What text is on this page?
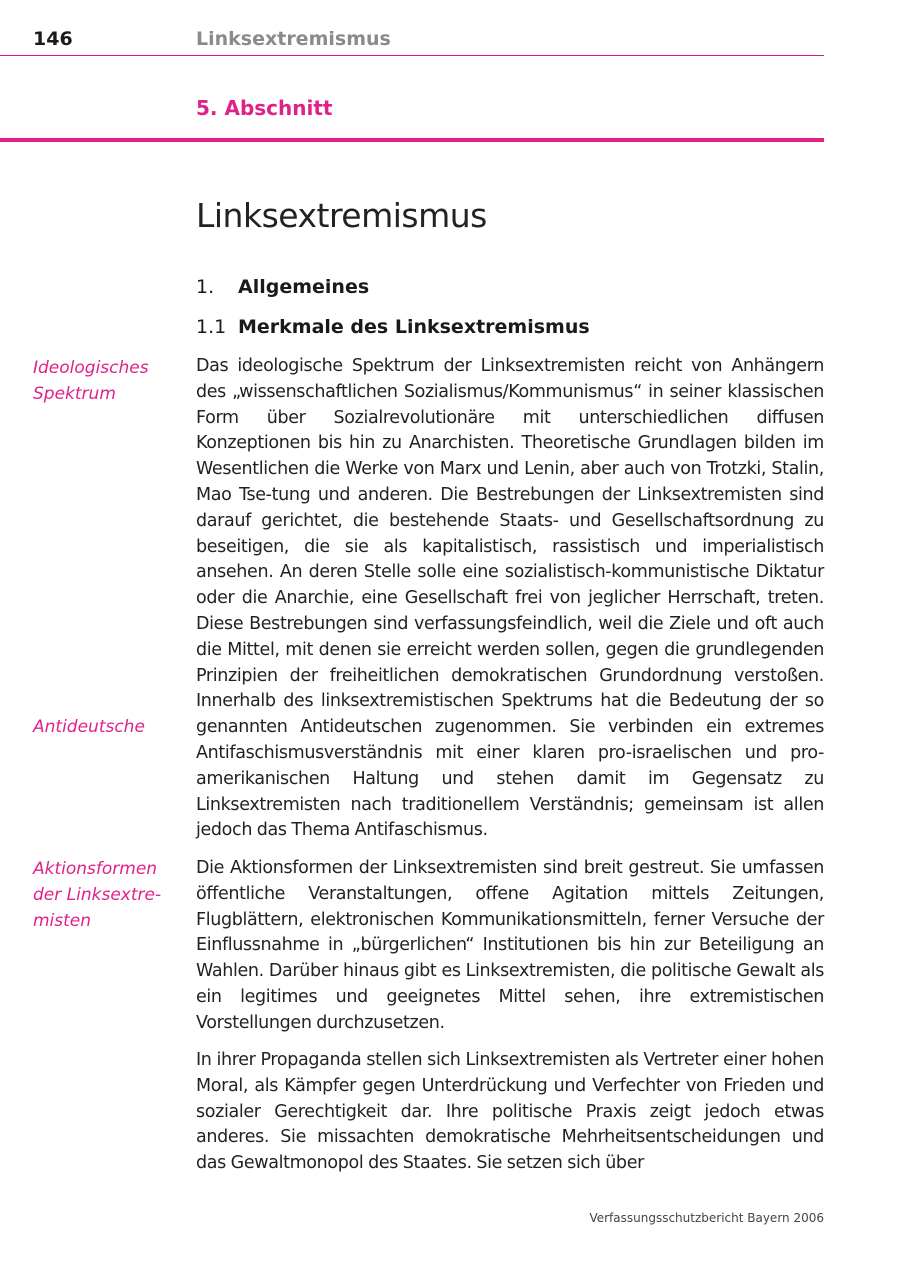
146	Linksextremismus
5. Abschnitt
Linksextremismus
1. Allgemeines
1.1 Merkmale des Linksextremismus
Ideologisches Spektrum
Antideutsche
Aktionsformen der Linksextre- misten

Das ideologische Spektrum der Linksextremisten reicht von Anhängern des „wissenschaftlichen Sozialismus/Kommunismus“ in seiner klassischen Form über Sozialrevolutionäre mit unterschiedlichen diffusen Konzeptionen bis hin zu Anarchisten. Theoretische Grundlagen bilden im Wesentlichen die Werke von Marx und Lenin, aber auch von Trotzki, Stalin, Mao Tse-tung und anderen. Die Bestrebungen der Linksextremisten sind darauf gerichtet, die bestehende Staats- und Gesellschaftsordnung zu beseitigen, die sie als kapitalistisch, rassistisch und imperialistisch ansehen. An deren Stelle solle eine sozialistisch-kommunistische Diktatur oder die Anarchie, eine Gesellschaft frei von jeglicher Herrschaft, treten. Diese Bestrebungen sind verfassungsfeindlich, weil die Ziele und oft auch die Mittel, mit denen sie erreicht werden sollen, gegen die grundlegenden Prinzipien der freiheitlichen demokratischen Grundordnung verstoßen. Innerhalb des linksextremistischen Spektrums hat die Bedeutung der so genannten Antideutschen zugenommen. Sie verbinden ein extremes Antifaschismusverständnis mit einer klaren pro-israelischen und pro-amerikanischen Haltung und stehen damit im Gegensatz zu Linksextremisten nach traditionellem Verständnis; gemeinsam ist allen jedoch das Thema Antifaschismus.

Die Aktionsformen der Linksextremisten sind breit gestreut. Sie umfassen öffentliche Veranstaltungen, offene Agitation mittels Zeitungen, Flugblättern, elektronischen Kommunikationsmitteln, ferner Versuche der Einflussnahme in „bürgerlichen“ Institutionen bis hin zur Beteiligung an Wahlen. Darüber hinaus gibt es Linksextremisten, die politische Gewalt als ein legitimes und geeignetes Mittel sehen, ihre extremistischen Vorstellungen durchzusetzen.

In ihrer Propaganda stellen sich Linksextremisten als Vertreter einer hohen Moral, als Kämpfer gegen Unterdrückung und Verfechter von Frieden und sozialer Gerechtigkeit dar. Ihre politische Praxis zeigt jedoch etwas anderes. Sie missachten demokratische Mehrheitsentscheidungen und das Gewaltmonopol des Staates. Sie setzen sich über

Verfassungsschutzbericht Bayern 2006
